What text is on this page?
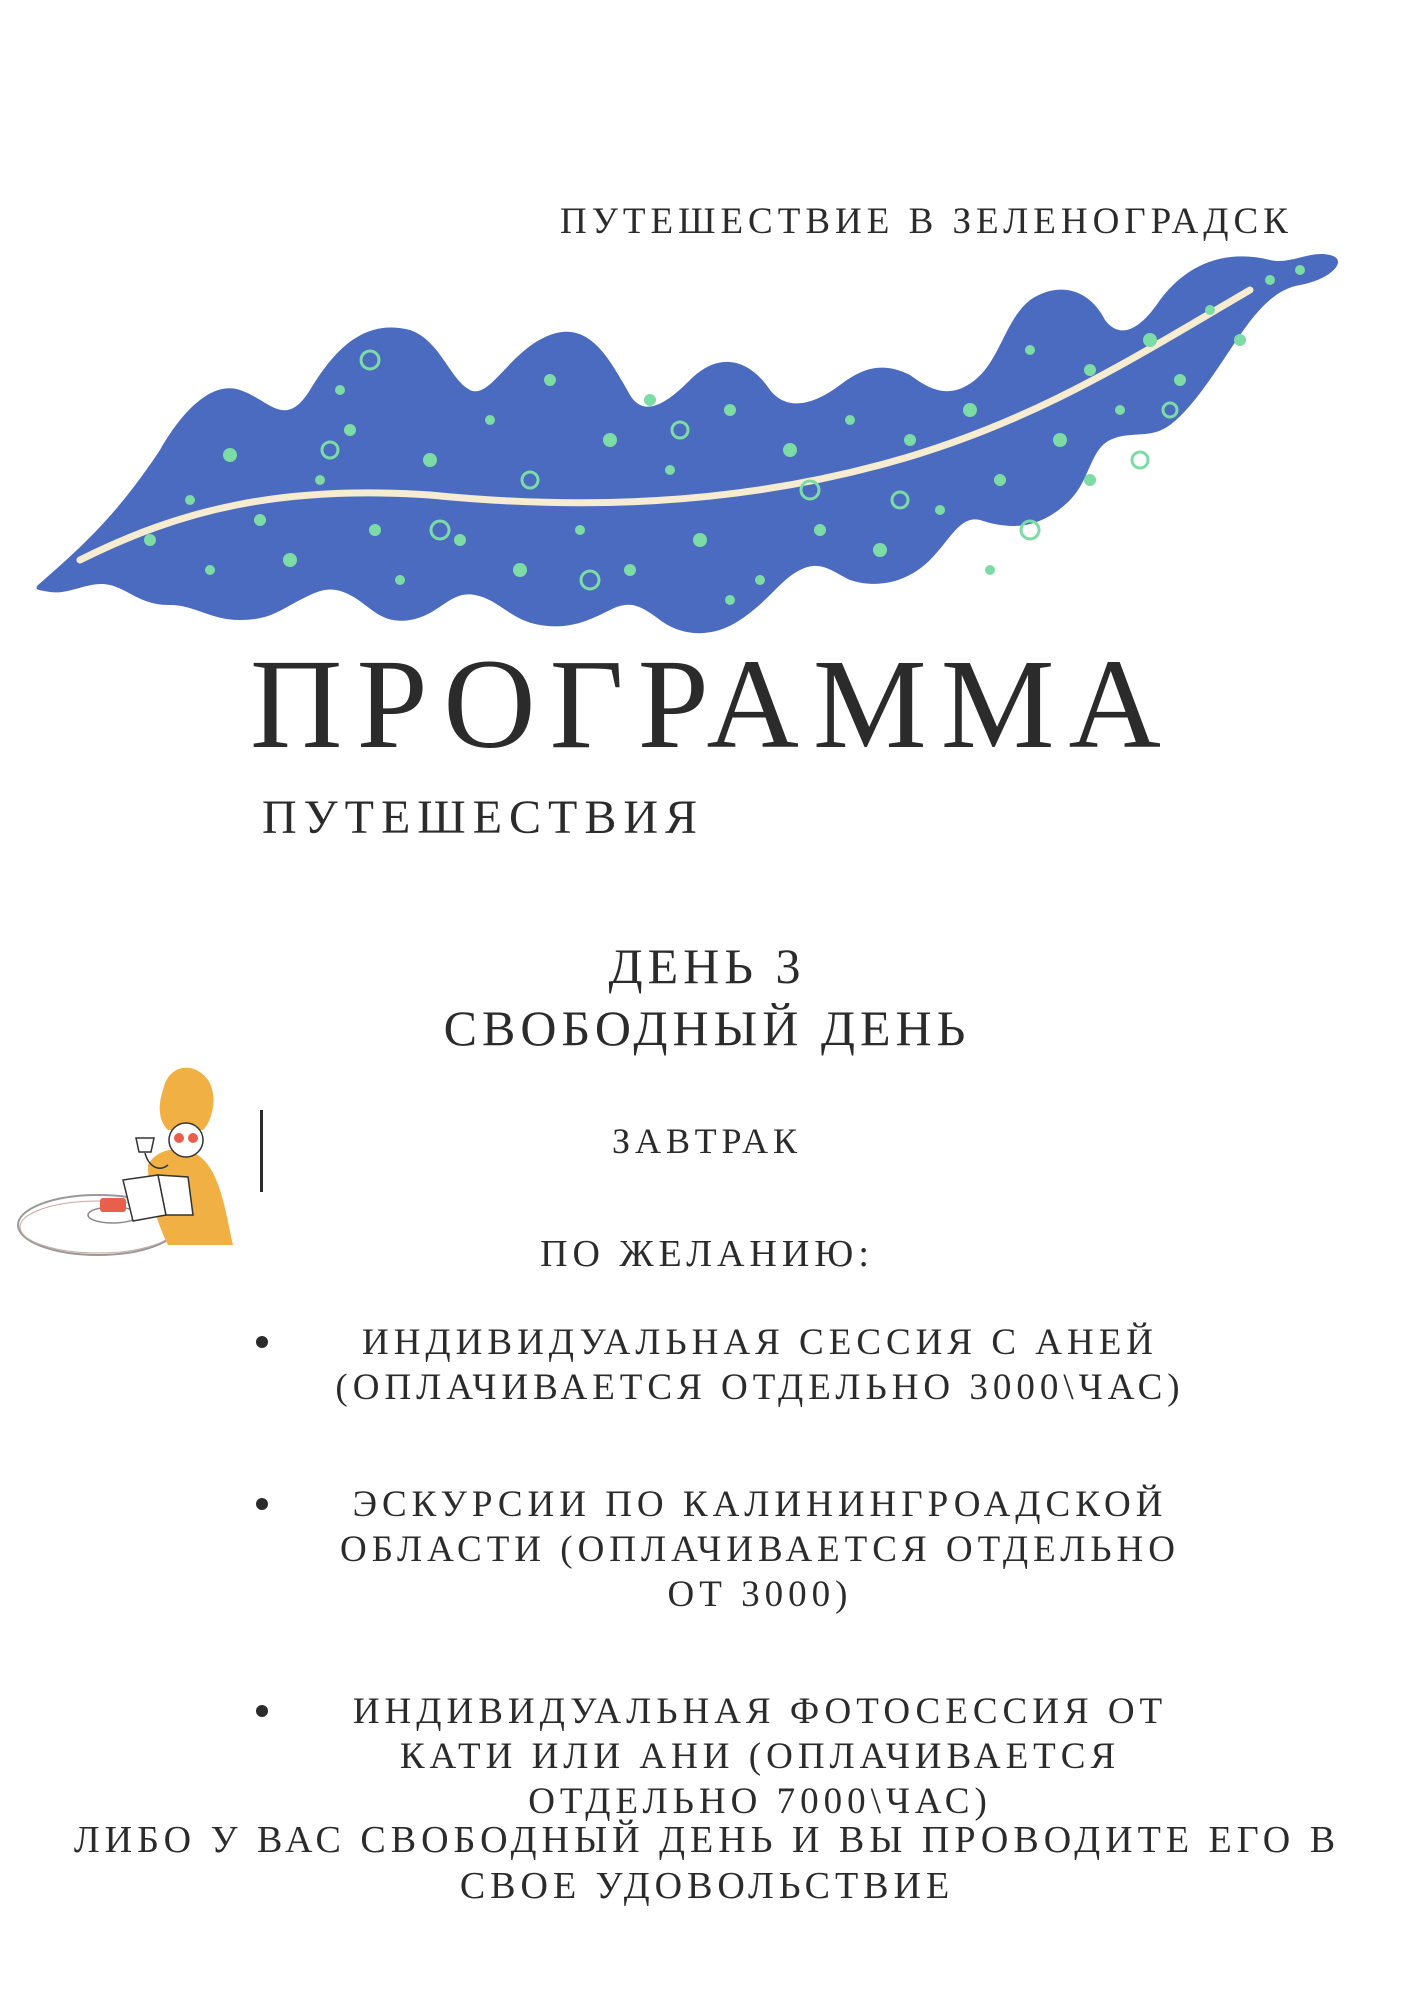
ПУТЕШЕСТВИЕ В ЗЕЛЕНОГРАДСК
ПРОГРАММА
ПУТЕШЕСТВИЯ
ДЕНЬ 3
СВОБОДНЫЙ ДЕНЬ
ЗАВТРАК
ПО ЖЕЛАНИЮ:
ИНДИВИДУАЛЬНАЯ СЕССИЯ С АНЕЙ (ОПЛАЧИВАЕТСЯ ОТДЕЛЬНО 3000\ЧАС)
ЭСКУРСИИ ПО КАЛИНИНГРОАДСКОЙ ОБЛАСТИ (ОПЛАЧИВАЕТСЯ ОТДЕЛЬНО ОТ 3000)
ИНДИВИДУАЛЬНАЯ ФОТОСЕССИЯ ОТ КАТИ ИЛИ АНИ (ОПЛАЧИВАЕТСЯ ОТДЕЛЬНО 7000\ЧАС)
ЛИБО У ВАС СВОБОДНЫЙ ДЕНЬ И ВЫ ПРОВОДИТЕ ЕГО В СВОЕ УДОВОЛЬСТВИЕ
